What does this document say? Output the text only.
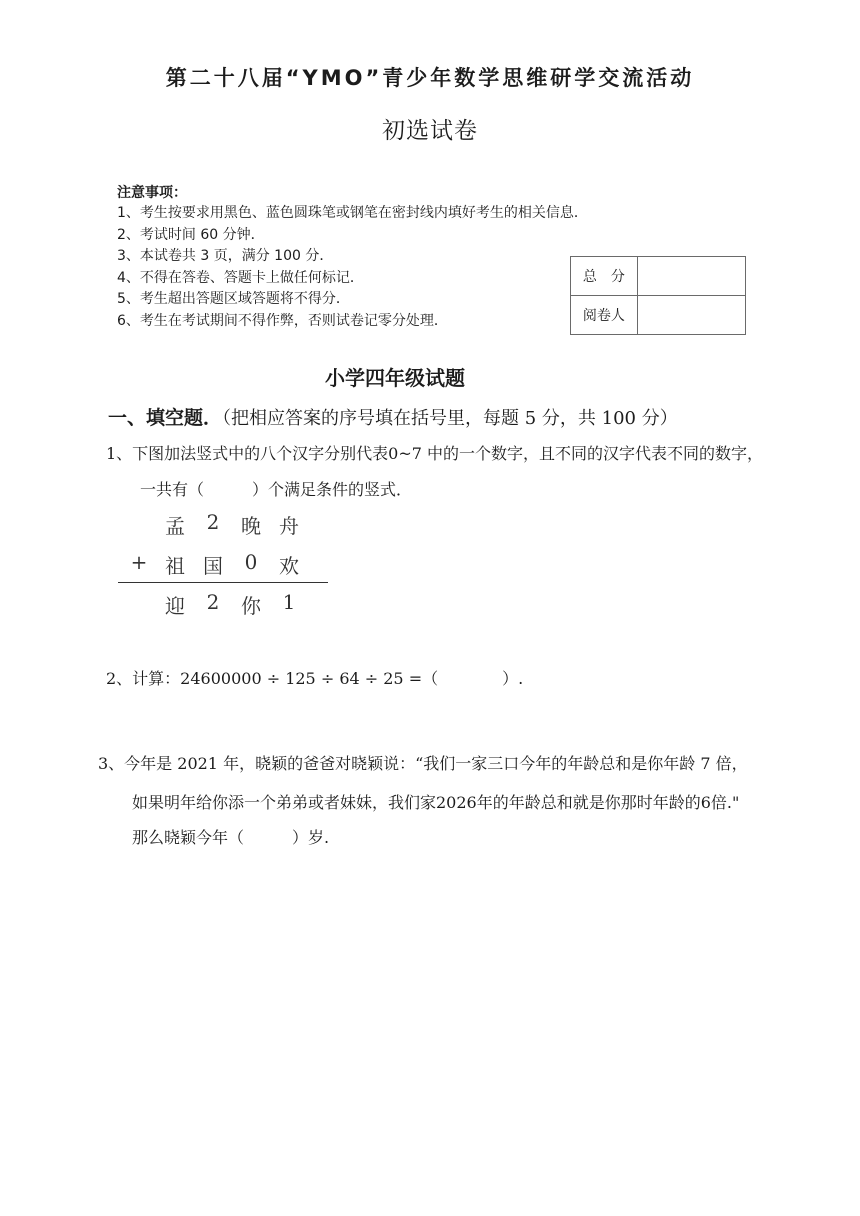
第二十八届“YMO”青少年数学思维研学交流活动
初选试卷
注意事项：
1、考生按要求用黑色、蓝色圆珠笔或钢笔在密封线内填好考生的相关信息．
2、考试时间 60 分钟．
3、本试卷共 3 页，满分 100 分．
4、不得在答卷、答题卡上做任何标记．
5、考生超出答题区域答题将不得分．
6、考生在考试期间不得作弊，否则试卷记零分处理．
总　分	
阅卷人	
小学四年级试题
一、填空题．（把相应答案的序号填在括号里，每题 5 分，共 100 分）
1、下图加法竖式中的八个汉字分别代表0~7 中的一个数字，且不同的汉字代表不同的数字，
一共有（　　　）个满足条件的竖式．
孟	2	晚 舟
+ 祖 国	0	欢
迎	2	你	1
2、计算：24600000 ÷ 125 ÷ 64 ÷ 25 =（　　　　）.
3、今年是 2021 年，晓颖的爸爸对晓颖说：“我们一家三口今年的年龄总和是你年龄 7 倍，
如果明年给你添一个弟弟或者妹妹，我们家2026年的年龄总和就是你那时年龄的6倍."
那么晓颖今年（　　　）岁.
